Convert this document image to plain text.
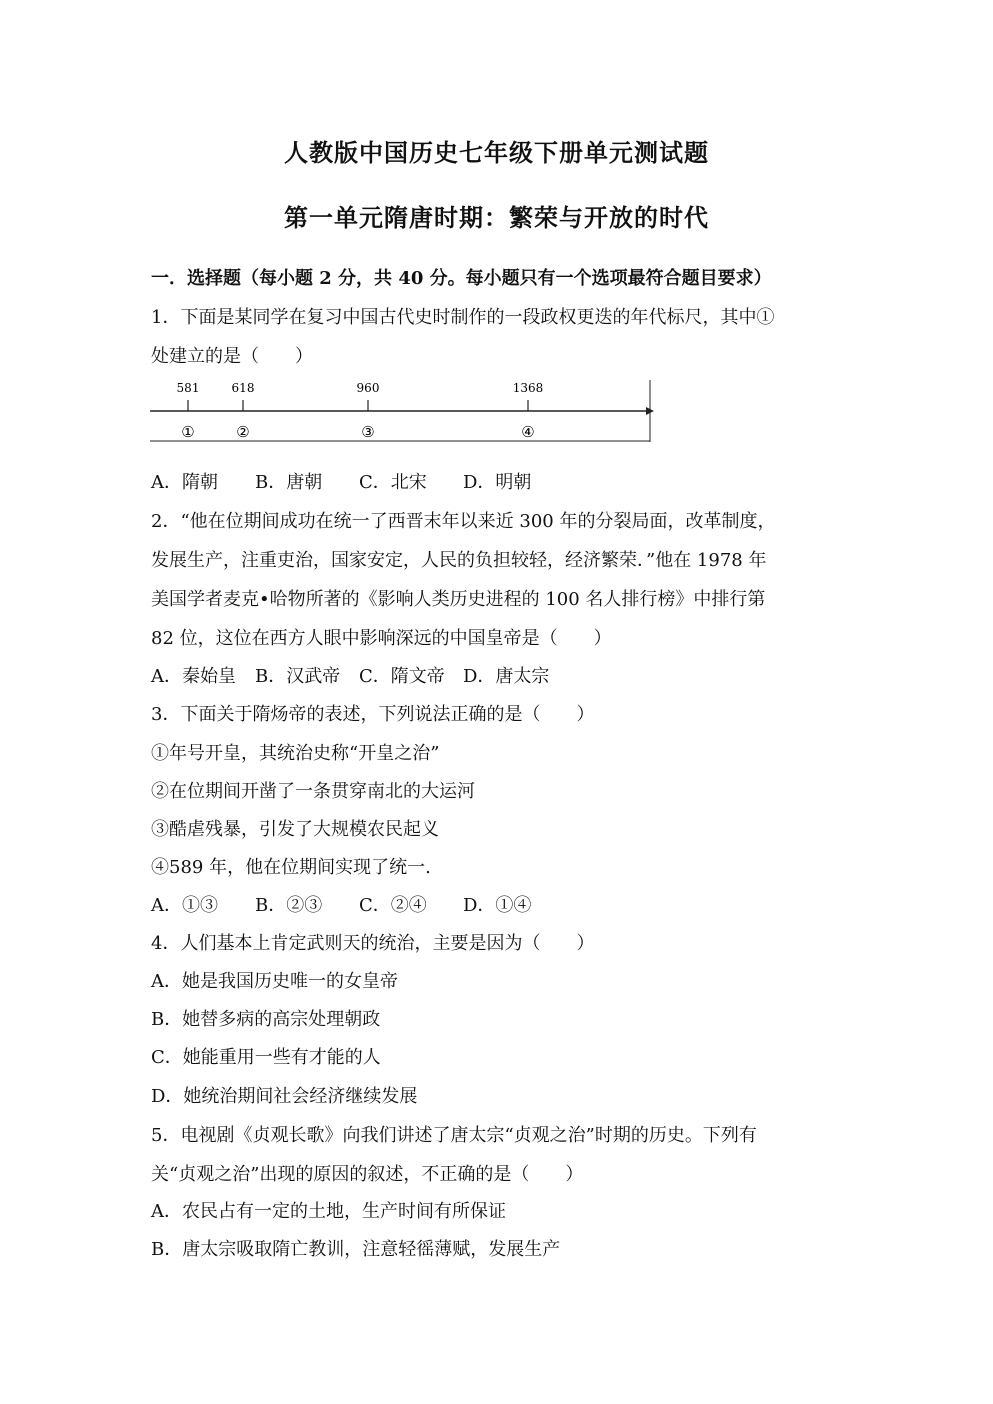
人教版中国历史七年级下册单元测试题
第一单元隋唐时期：繁荣与开放的时代
一．选择题（每小题 2 分，共 40 分。每小题只有一个选项最符合题目要求）
1．下面是某同学在复习中国古代史时制作的一段政权更迭的年代标尺，其中①
处建立的是（　　）
581	618	960	1368
①	②	③	④
A．隋朝 B．唐朝 C．北宋 D．明朝
2．“他在位期间成功在统一了西晋末年以来近 300 年的分裂局面，改革制度，
发展生产，注重吏治，国家安定，人民的负担较轻，经济繁荣．”他在 1978 年
美国学者麦克•哈物所著的《影响人类历史进程的 100 名人排行榜》中排行第
82 位，这位在西方人眼中影响深远的中国皇帝是（　　）
A．秦始皇 B．汉武帝 C．隋文帝 D．唐太宗
3．下面关于隋炀帝的表述，下列说法正确的是（　　）
①年号开皇，其统治史称“开皇之治”
②在位期间开凿了一条贯穿南北的大运河
③酷虐残暴，引发了大规模农民起义
④589 年，他在位期间实现了统一.
A．①③ B．②③ C．②④ D．①④
4．人们基本上肯定武则天的统治，主要是因为（　　）
A．她是我国历史唯一的女皇帝
B．她替多病的高宗处理朝政
C．她能重用一些有才能的人
D．她统治期间社会经济继续发展
5．电视剧《贞观长歌》向我们讲述了唐太宗“贞观之治”时期的历史。下列有
关“贞观之治”出现的原因的叙述，不正确的是（　　）
A．农民占有一定的土地，生产时间有所保证
B．唐太宗吸取隋亡教训，注意轻徭薄赋，发展生产
